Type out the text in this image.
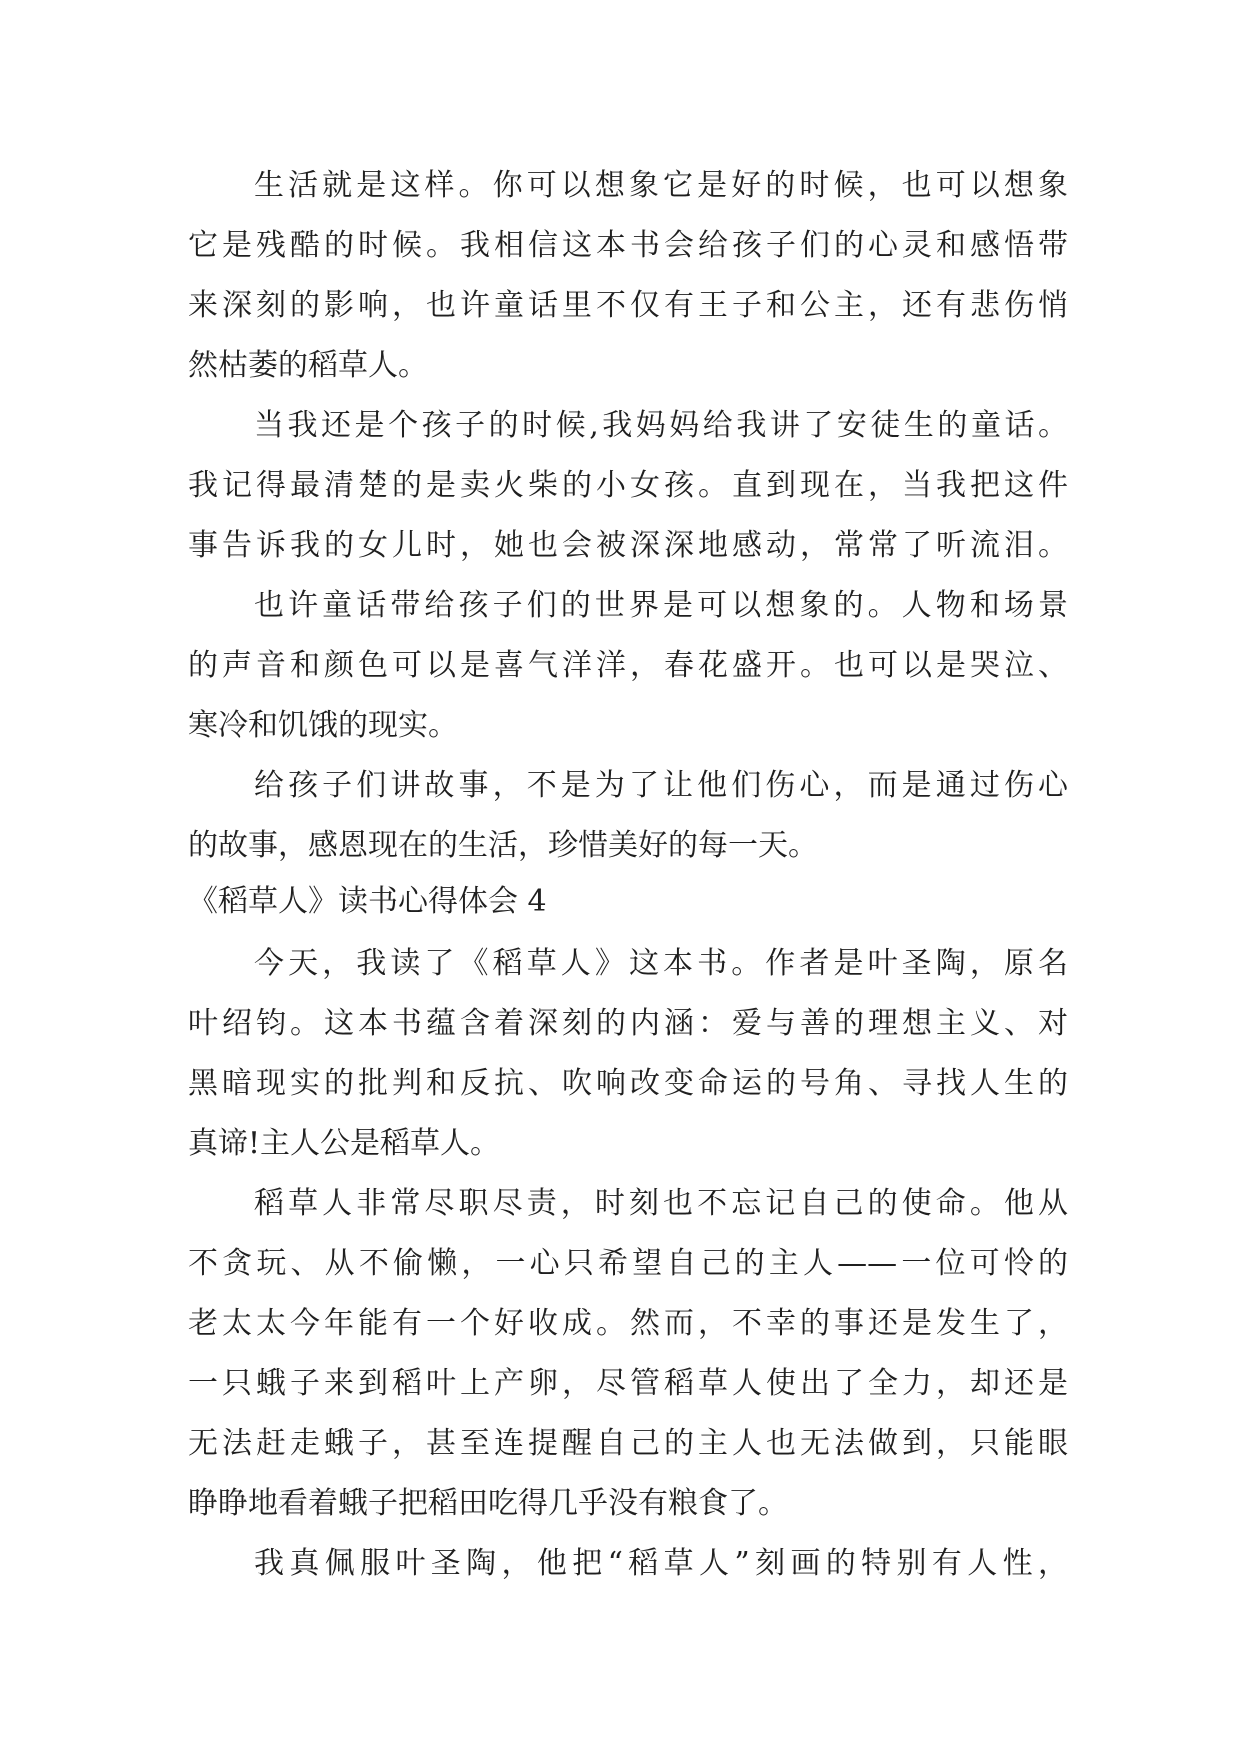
生活就是这样。你可以想象它是好的时候，也可以想象
它是残酷的时候。我相信这本书会给孩子们的心灵和感悟带
来深刻的影响，也许童话里不仅有王子和公主，还有悲伤悄
然枯萎的稻草人。
当我还是个孩子的时候,我妈妈给我讲了安徒生的童话。
我记得最清楚的是卖火柴的小女孩。直到现在，当我把这件
事告诉我的女儿时，她也会被深深地感动，常常了听流泪。
也许童话带给孩子们的世界是可以想象的。人物和场景
的声音和颜色可以是喜气洋洋，春花盛开。也可以是哭泣、
寒冷和饥饿的现实。
给孩子们讲故事，不是为了让他们伤心，而是通过伤心
的故事，感恩现在的生活，珍惜美好的每一天。
《稻草人》读书心得体会 4
今天，我读了《稻草人》这本书。作者是叶圣陶，原名
叶绍钧。这本书蕴含着深刻的内涵：爱与善的理想主义、对
黑暗现实的批判和反抗、吹响改变命运的号角、寻找人生的
真谛!主人公是稻草人。
稻草人非常尽职尽责，时刻也不忘记自己的使命。他从
不贪玩、从不偷懒，一心只希望自己的主人——一位可怜的
老太太今年能有一个好收成。然而，不幸的事还是发生了，
一只蛾子来到稻叶上产卵，尽管稻草人使出了全力，却还是
无法赶走蛾子，甚至连提醒自己的主人也无法做到，只能眼
睁睁地看着蛾子把稻田吃得几乎没有粮食了。
我真佩服叶圣陶，他把“稻草人”刻画的特别有人性，
